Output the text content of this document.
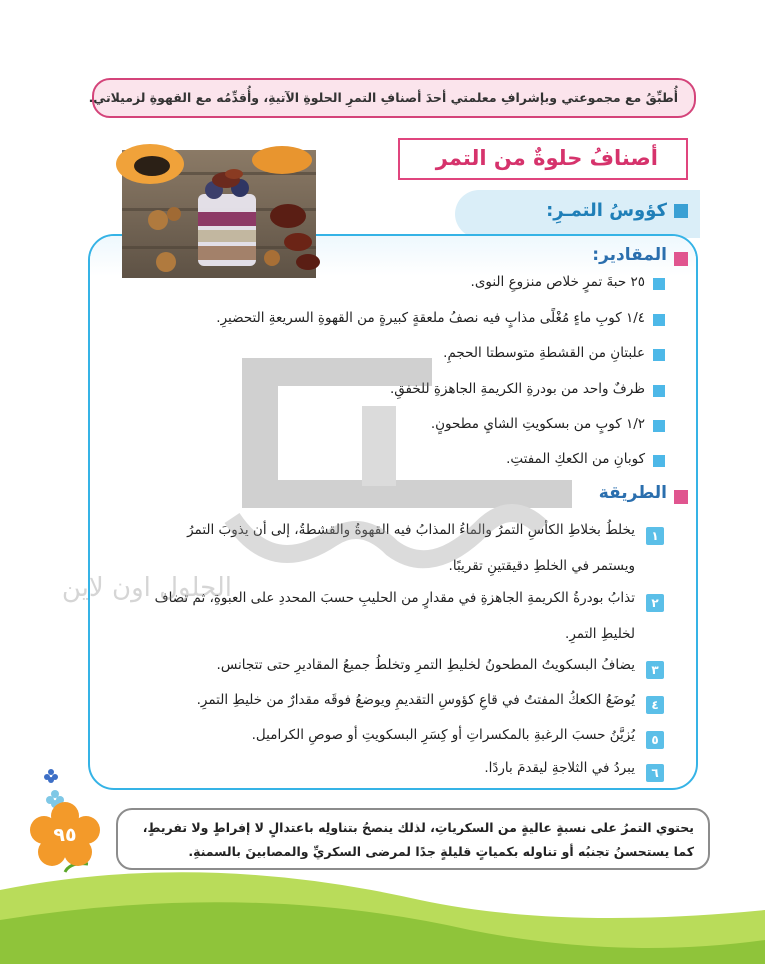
أُطبِّقُ مع مجموعتي وبإشرافِ معلمتي أحدَ أصنافِ التمرِ الحلوةِ الآتيةِ، وأُقدِّمُه مع القهوةِ لزميلاتي.
أصنافُ حلوةٌ من التمر
كؤوسُ التمـرِ:
المقادير:
٢٥ حبةَ تمرٍ خلاص منزوعِ النوى.
١/٤ كوبِ ماءٍ مُغْلًى مذابٍ فيه نصفُ ملعقةٍ كبيرةٍ من القهوةِ السريعةِ التحضيرِ.
علبتانِ من القشطةِ متوسطتا الحجمِ.
ظرفٌ واحد من بودرةِ الكريمةِ الجاهزةِ للخفقِ.
١/٢ كوبٍ من بسكويتِ الشايِ مطحونٍ.
كوبانِ من الكعكِ المفتتِ.
الطريقة
١
يخلطُ بخلاطِ الكأسِ التمرُ والماءُ المذابُ فيه القهوةُ والقشطةُ، إلى أن يذوبَ التمرُ
ويستمر في الخلطِ دقيقتينِ تقريبًا.
٢
تذابُ بودرةُ الكريمةِ الجاهزةِ في مقدارٍ من الحليبِ حسبَ المحددِ على العبوةِ، ثم تضاف
لخليطِ التمرِ.
٣
يضافُ البسكويتُ المطحونُ لخليطِ التمرِ وتخلطُ جميعُ المقاديرِ حتى تتجانس.
٤
يُوضَعُ الكعكُ المفتتُ في قاعِ كؤوسِ التقديمِ ويوضعُ فوقَه مقدارٌ من خليطِ التمرِ.
٥
يُزيَّنُ حسبَ الرغبةِ بالمكسراتِ أو كِسَرِ البسكويتِ أو صوصِ الكراميل.
٦
يبردُ في الثلاجةِ ليقدمَ باردًا.
الحلول اون لاين
يحتوي التمرُ على نسبةٍ عاليةٍ من السكرياتِ، لذلك ينصحُ بتناولِه باعتدالٍ لا إفراطٍ ولا تفريطٍ،
كما يستحسنُ تجنبُه أو تناوله بكمياتٍ قليلةٍ جدًا لمرضى السكريِّ والمصابينَ بالسمنةِ.
٩٥
